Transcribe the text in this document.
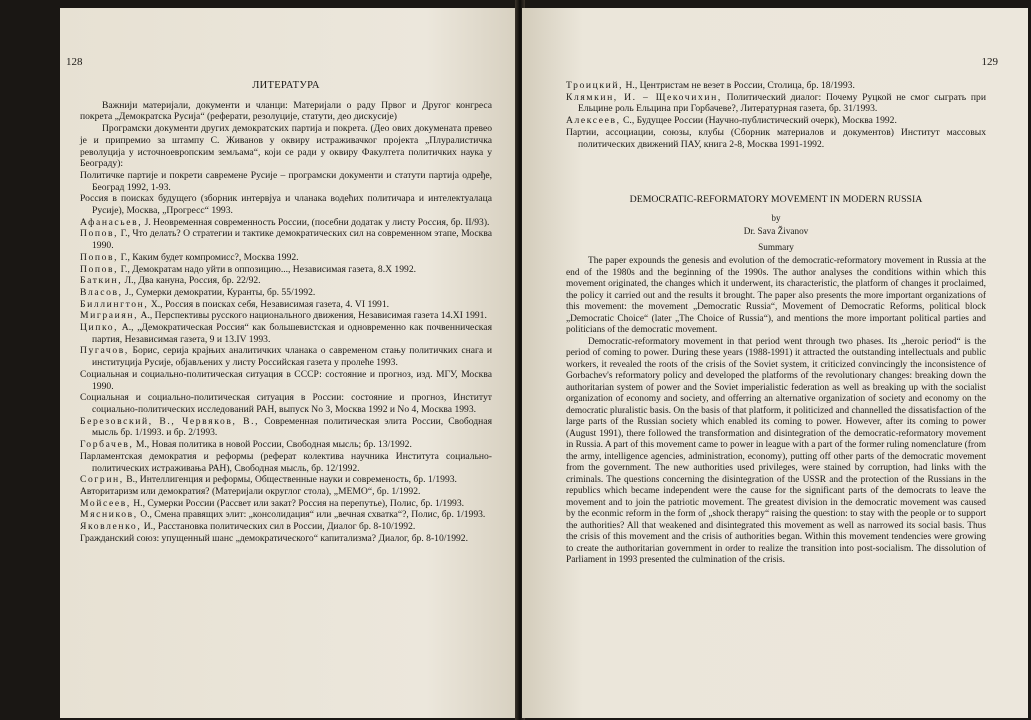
128
ЛИТЕРАТУРА

Важнији материјали, документи и чланци: Материјали о раду Првог и Другог конгреса покрета „Демократска Русија“ (реферати, резолуције, статути, део дискусије)

Програмски документи других демократских партија и покрета. (Део ових докумената превео је и припремио за штампу С. Живанов у оквиру истраживачког пројекта „Плуралистичка револуција у источноевропским земљама“, који се ради у оквиру Факултета политичких наука у Београду):

Политичке партије и покрети савремене Русије – програмски документи и статути партија одређе, Београд 1992, 1-93.

Россия в поисках будущего (зборник интервјуа и чланака водећих политичара и интелектуалаца Русије), Москва, „Прогресс“ 1993.

Афанасьев, J. Неовременная современность России, (посебни додатак у листу Россия, бр. II/93).

Попов, Г., Что делать? О стратегии и тактике демократических сил на современном этапе, Москва 1990.

Попов, Г., Каким будет компромисс?, Москва 1992.

Попов, Г., Демократам надо уйти в оппозицию..., Независимая газета, 8.X 1992.

Баткин, Л., Два кануна, Россия, бр. 22/92.

Власов, J., Сумерки демократии, Куранты, бр. 55/1992.

Биллингтон, X., Россия в поисках себя, Независимая газета, 4. VI 1991.

Миграиян, А., Перспективы русского национального движения, Независимая газета 14.XI 1991.

Ципко, А., „Демократическая Россия“ как большевистская и одновременно как почвенническая партия, Независимая газета, 9 и 13.IV 1993.

Пугачов, Борис, серија крајњих аналитичких чланака о савременом стању политичких снага и институција Русије, објављених у листу Российская газета у пролеће 1993.

Социальная и социально-политическая ситуация в СССР: состояние и прогноз, изд. МГУ, Москва 1990.

Социальная и социально-политическая ситуация в России: состояние и прогноз, Институт социально-политических исследований РАН, выпуск No 3, Москва 1992 и No 4, Москва 1993.

Березовский, В., Червяков, В., Современная политическая элита России, Свободная мысль бр. 1/1993. и бр. 2/1993.

Горбачев, М., Новая политика в новой России, Свободная мысль; бр. 13/1992.

Парламентская демократия и реформы (реферат колектива научника Института социально-политических истраживања РАН), Свободная мысль, бр. 12/1992.

Согрин, В., Интеллигенция и реформы, Общественные науки и современость, бр. 1/1993.

Авторитаризм или демократия? (Материјали округлог стола), „МЕМО“, бр. 1/1992.

Мойсеев, Н., Сумерки России (Рассвет или закат? Россия на перепутье), Полис, бр. 1/1993.

Мясников, О., Смена правящих элит: „консолидация“ или „вечная схватка“?, Полис, бр. 1/1993.

Яковленко, И., Расстановка политических сил в России, Диалог бр. 8-10/1992.

Гражданский союз: упущенный шанс „демократического“ капитализма? Диалог, бр. 8-10/1992.

129

Троицкий, Н., Центристам не везет в России, Столица, бр. 18/1993.

Клямкин, И. – Щекочихин, Политический диалог: Почему Руцкой не смог сыграть при Ельцине роль Ельцина при Горбачеве?, Литературная газета, бр. 31/1993.

Алексеев, С., Будущее России (Научно-публистический очерк), Москва 1992.

Партии, ассоциации, союзы, клубы (Сборник материалов и документов) Институт массовых политических движений ПАУ, книга 2-8, Москва 1991-1992.

DEMOCRATIC-REFORMATORY MOVEMENT IN MODERN RUSSIA
by
Dr. Sava Živanov
Summary

The paper expounds the genesis and evolution of the democratic-reformatory movement in Russia at the end of the 1980s and the beginning of the 1990s. The author analyses the conditions within which this movement originated, the changes which it underwent, its characteristic, the platform of changes it proclaimed, the policy it carried out and the results it brought. The paper also presents the more important organizations of this movement: the movement „Democratic Russia“, Movement of Democratic Reforms, political block „Democratic Choice“ (later „The Choice of Russia“), and mentions the more important political parties and politicians of the democratic movement.

Democratic-reformatory movement in that period went through two phases. Its „heroic period“ is the period of coming to power. During these years (1988-1991) it attracted the outstanding intellectuals and public workers, it revealed the roots of the crisis of the Soviet system, it criticized convincingly the inconsistence of Gorbachev's reformatory policy and developed the platforms of the revolutionary changes: breaking down the authoritarian system of power and the Soviet imperialistic federation as well as breaking up with the socialist organization of economy and society, and offerring an alternative organization of society and economy on the democratic pluralistic basis. On the basis of that platform, it politicized and channelled the dissatisfaction of the large parts of the Russian society which enabled its coming to power. However, after its coming to power (August 1991), there followed the transformation and disintegration of the democratic-reformatory movement in Russia. A part of this movement came to power in league with a part of the former ruling nomenclature (from the army, intelligence agencies, administration, economy), putting off other parts of the democratic movement from the government. The new authorities used privileges, were stained by corruption, had links with the criminals. The questions concerning the disintegration of the USSR and the protection of the Russians in the republics which became independent were the cause for the significant parts of the democrats to leave the movement and to join the patriotic movement. The greatest division in the democratic movement was caused by the econmic reform in the form of „shock therapy“ raising the question: to stay with the people or to support the authorities? All that weakened and disintegrated this movement as well as narrowed its social basis. Thus the crisis of this movement and the crisis of authorities began. Within this movement tendencies were growing to create the authoritarian government in order to realize the transition into post-socialism. The dissolution of Parliament in 1993 presented the culmination of the crisis.
